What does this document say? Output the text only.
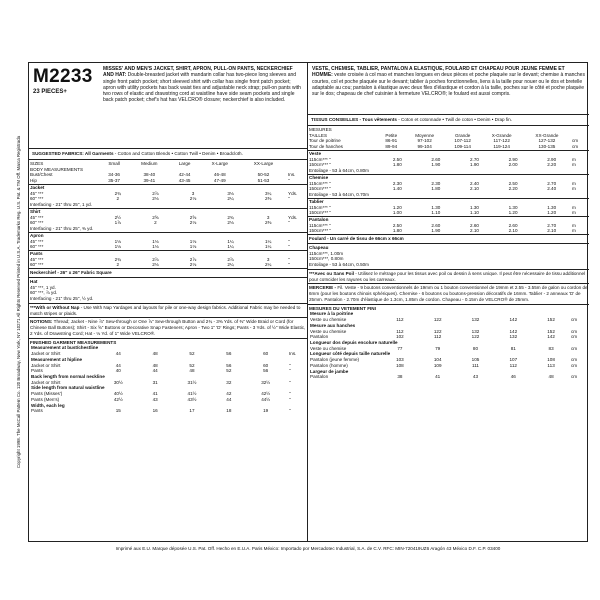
Copyright 1998. The McCall Pattern Co. 120 Broadway, New York, NY 10271 All Rights Reserved Printed in U.S.A. Trademarks Reg. U.S. Pat. & TM Off. Marca Registrada
M2233
23 PIECES+
MISSES' AND MEN'S JACKET, SHIRT, APRON, PULL-ON PANTS, NECKERCHIEF AND HAT: Double-breasted jacket with mandarin collar has two-piece long sleeves and single front patch pocket; short sleeved shirt with collar has single front patch pocket; apron with utility pockets has back waist ties and adjustable neck strap; pull-on pants with two rows of elastic and drawstring cord at waistline have side seam pockets and single back patch pocket; chef's hat has VELCRO® closure; neckerchief is also included.
SUGGESTED FABRICS: All Garments - Cotton and Cotton Blends • Cotton Twill • Denim • Broadcloth.
SIZES	Small	Medium	Large	X-Large	XX-Large	
BODY MEASUREMENTS						
Bust/Chest	34-36	38-40	42-44	46-48	50-52	Ins.
Hip	35-37	39-41	43-45	47-49	51-53	"
Jacket						
45" ***	2¾	2⅞	3	3⅛	3¼	Yds.
60" ***	2	2⅛	2⅛	2¼	2⅜	"
Interfacing - 21" thru 25", 1 yd.						
Shirt						
45" ***	2½	2⅝	2⅝	2¾	3	Yds.
60" ***	1⅞	2	2⅛	2⅛	2⅜	"
Interfacing - 21" thru 25", ⅜ yd.						
Apron						
45" ***	1⅛	1⅛	1⅛	1¼	1¼	"
60" ***	1⅛	1⅛	1⅛	1¼	1¼	"
Pants						
45" ***	2¾	2⅞	2⅞	2⅞	3	"
60" ***	2	2⅛	2⅛	2¼	2¼	"
Neckerchief - 26" x 26" Fabric Square
Hat
45" ***, 1 yd.
60" ***, ⅞ yd.
Interfacing - 21" thru 25", ½ yd.
***With or Without Nap - Use With Nap Yardages and layouts for pile or one-way design fabrics. Additional Fabric may be needed to match stripes or plaids.
NOTIONS: Thread; Jacket - Nine ⅞" Sew-through or One ⅞" Sew-through Button and 2¾ - 3⅜ Yds. of ⅜" Wide Braid or Cord (for Chinese Ball Buttons); Shirt - Six ⅝" Buttons or Decorative Snap Fasteners; Apron - Two 1" 'D' Rings; Pants - 3 Yds. of ½" Wide Elastic, 2 Yds. of Drawstring Cord; Hat - ⅛ Yd. of 1" Wide VELCRO®.
FINISHED GARMENT MEASUREMENTS
Measurement at bust/chestline						
Jacket or Shirt	44	48	52	56	60	Ins.
Measurement at hipline						
Jacket or Shirt	44	48	52	56	60	"
Pants	40	44	48	52	56	"
Back length from normal neckline						
Jacket or Shirt	30½	31	31½	32	32½	"
Side length from natural waistline						
Pants (Misses')	40½	41	41½	42	42½	"
Pants (Men's)	42½	43	43½	44	44½	"
Width, each leg						
Pants	15	16	17	18	19	"
VESTE, CHEMISE, TABLIER, PANTALON A ELASTIQUE, FOULARD ET CHAPEAU POUR JEUNE FEMME ET HOMME: veste croisée à col mao et manches longues en deux pièces et poche plaquée sur le devant; chemise à manches courtes, col et poche plaquée sur le devant; tablier à poches fonctionnelles, liens à la taille pour nouer ou le dos et bretelle adaptable au cou; pantalon à élastique avec deux files d'élastique et cordon à la taille, poches sur le côté et poche plaquée sur le dos; chapeau de chef cuisinier à fermeture VELCRO®; le foulard est aussi compris.
TISSUS CONSEILLES - Tous vêtements - Coton et cotonnade • Twill de coton • Denim • Drap fin.
MESURES						
TAILLES	Petite	Moyenne	Grande	X-Grande	XX-Grande	
Tour de poitrine	86-91	97-102	107-112	117-122	127-132	cm
Tour de hanches	89-94	99-104	109-114	119-124	130-135	cm
Veste						
115cm*** "	2.50	2.60	2.70	2.90	2.90	m
150cm*** "	1.80	1.90	1.90	2.00	2.20	m
Entoilage - 53 à 64cm, 0.80m						
Chemise						
115cm*** "	2.30	2.30	2.40	2.50	2.70	m
150cm*** "	1.40	1.80	2.10	2.20	2.40	m
Entoilage - 53 à 64cm, 0.70m						
Tablier						
115cm*** "	1.20	1.30	1.30	1.30	1.30	m
150cm*** "	1.00	1.10	1.10	1.20	1.20	m
Pantalon						
115cm*** "	2.50	2.60	2.60	2.60	2.70	m
150cm*** "	1.80	1.90	2.10	2.10	2.10	m
Foulard - Un carré de tissu de 66cm x 66cm
Chapeau
115cm***, 1.00m
150cm***, 0.80m
Entoilage - 53 à 64cm, 0.50m
***Avec ou Sans Poil - Utilisez le métrage pour les tissus avec poil ou dessin à sens unique. Il peut être nécessaire de tissu additionnel pour coïncider les rayures ou les carreaux.
MERCERIE - Fil. Veste - 9 boutons conventionnels de 19mm ou 1 bouton conventionnel de 19mm et 2.55 - 3.55m de galon ou cordon de 6mm (pour les boutons chinois sphériques). Chemise - 6 boutons ou boutons-pression décoratifs de 16mm. Tablier - 2 anneaux 'D' de 25mm. Pantalon - 2.70m d'élastique de 1.3cm, 1.85m de cordon. Chapeau - 0.15m de VELCRO® de 25mm.
MESURES DU VETEMENT FINI
Mesure à la poitrine						
Veste ou chemise	112	122	132	142	152	cm
Mesure aux hanches						
Veste ou chemise	112	122	132	142	152	cm
Pantalon	102	112	122	132	142	cm
Longueur dos depuis encolure naturelle						
Veste ou chemise	77	79	80	81	83	cm
Longueur côté depuis taille naturelle						
Pantalon (jeune femme)	103	104	105	107	108	cm
Pantalon (homme)	108	109	111	112	113	cm
Largeur de jambe						
Pantalon	38	41	43	46	48	cm
Imprimé aux E.U. Marque déposée U.S. Pat. Off. Hecho en E.U.A. Paris México: Importado por Mercadotec Industrial, S.A. de C.V. RFC: MIN-720419UZ6 Aragón 43 México D.F. C.P. 03400
